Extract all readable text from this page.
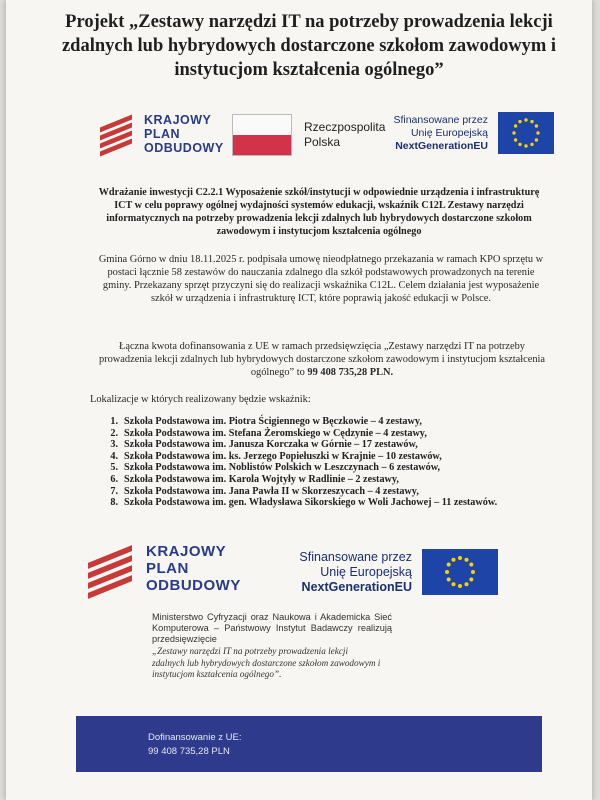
Projekt „Zestawy narzędzi IT na potrzeby prowadzenia lekcji zdalnych lub hybrydowych dostarczone szkołom zawodowym i instytucjom kształcenia ogólnego”
KRAJOWY
PLAN
ODBUDOWY
Rzeczpospolita
Polska
Sfinansowane przez
Unię Europejską
NextGenerationEU
Wdrażanie inwestycji C2.2.1 Wyposażenie szkół/instytucji w odpowiednie urządzenia i infrastrukturę ICT w celu poprawy ogólnej wydajności systemów edukacji, wskaźnik C12L Zestawy narzędzi informatycznych na potrzeby prowadzenia lekcji zdalnych lub hybrydowych dostarczone szkołom zawodowym i instytucjom kształcenia ogólnego
Gmina Górno w dniu 18.11.2025 r. podpisała umowę nieodpłatnego przekazania w ramach KPO sprzętu w postaci łącznie 58 zestawów do nauczania zdalnego dla szkół podstawowych prowadzonych na terenie gminy. Przekazany sprzęt przyczyni się do realizacji wskaźnika C12L. Celem działania jest wyposażenie szkół w urządzenia i infrastrukturę ICT, które poprawią jakość edukacji w Polsce.
Łączna kwota dofinansowania z UE w ramach przedsięwzięcia „Zestawy narzędzi IT na potrzeby prowadzenia lekcji zdalnych lub hybrydowych dostarczone szkołom zawodowym i instytucjom kształcenia ogólnego” to 99 408 735,28 PLN.
Lokalizacje w których realizowany będzie wskaźnik:
1. Szkoła Podstawowa im. Piotra Ścigiennego w Bęczkowie – 4 zestawy,
2. Szkoła Podstawowa im. Stefana Żeromskiego w Cędzynie – 4 zestawy,
3. Szkoła Podstawowa im. Janusza Korczaka w Górnie – 17 zestawów,
4. Szkoła Podstawowa im. ks. Jerzego Popiełuszki w Krajnie – 10 zestawów,
5. Szkoła Podstawowa im. Noblistów Polskich w Leszczynach – 6 zestawów,
6. Szkoła Podstawowa im. Karola Wojtyły w Radlinie – 2 zestawy,
7. Szkoła Podstawowa im. Jana Pawła II w Skorzeszycach – 4 zestawy,
8. Szkoła Podstawowa im. gen. Władysława Sikorskiego w Woli Jachowej – 11 zestawów.
KRAJOWY
PLAN
ODBUDOWY
Sfinansowane przez
Unię Europejską
NextGenerationEU
Ministerstwo Cyfryzacji oraz Naukowa i Akademicka Sieć Komputerowa – Państwowy Instytut Badawczy realizują przedsięwzięcie
„Zestawy narzędzi IT na potrzeby prowadzenia lekcji zdalnych lub hybrydowych dostarczone szkołom zawodowym i instytucjom kształcenia ogólnego”.
Dofinansowanie z UE:
99 408 735,28 PLN
